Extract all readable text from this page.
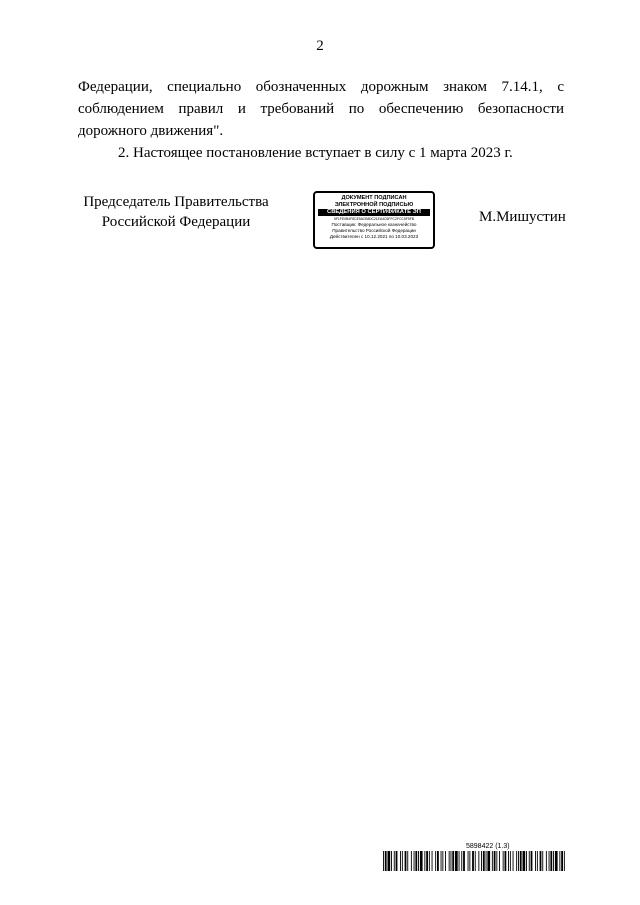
2

Федерации, специально обозначенных дорожным знаком 7.14.1, с соблюдением правил и требований по обеспечению безопасности дорожного движения".

2. Настоящее постановление вступает в силу с 1 марта 2023 г.

Председатель Правительства
Российской Федерации
ДОКУМЕНТ ПОДПИСАН
ЭЛЕКТРОННОЙ ПОДПИСЬЮ
СВЕДЕНИЯ О СЕРТИФИКАТЕ ЭП
5F1FE0B4F8CE5ACB80C21EA4C6FFC2FCC5F5FB
Поставщик: Федеральное казначейство
Правительство Российской Федерации
Действителен с 10.12.2021 по 10.03.2023
М.Мишустин
5898422 (1.3)
